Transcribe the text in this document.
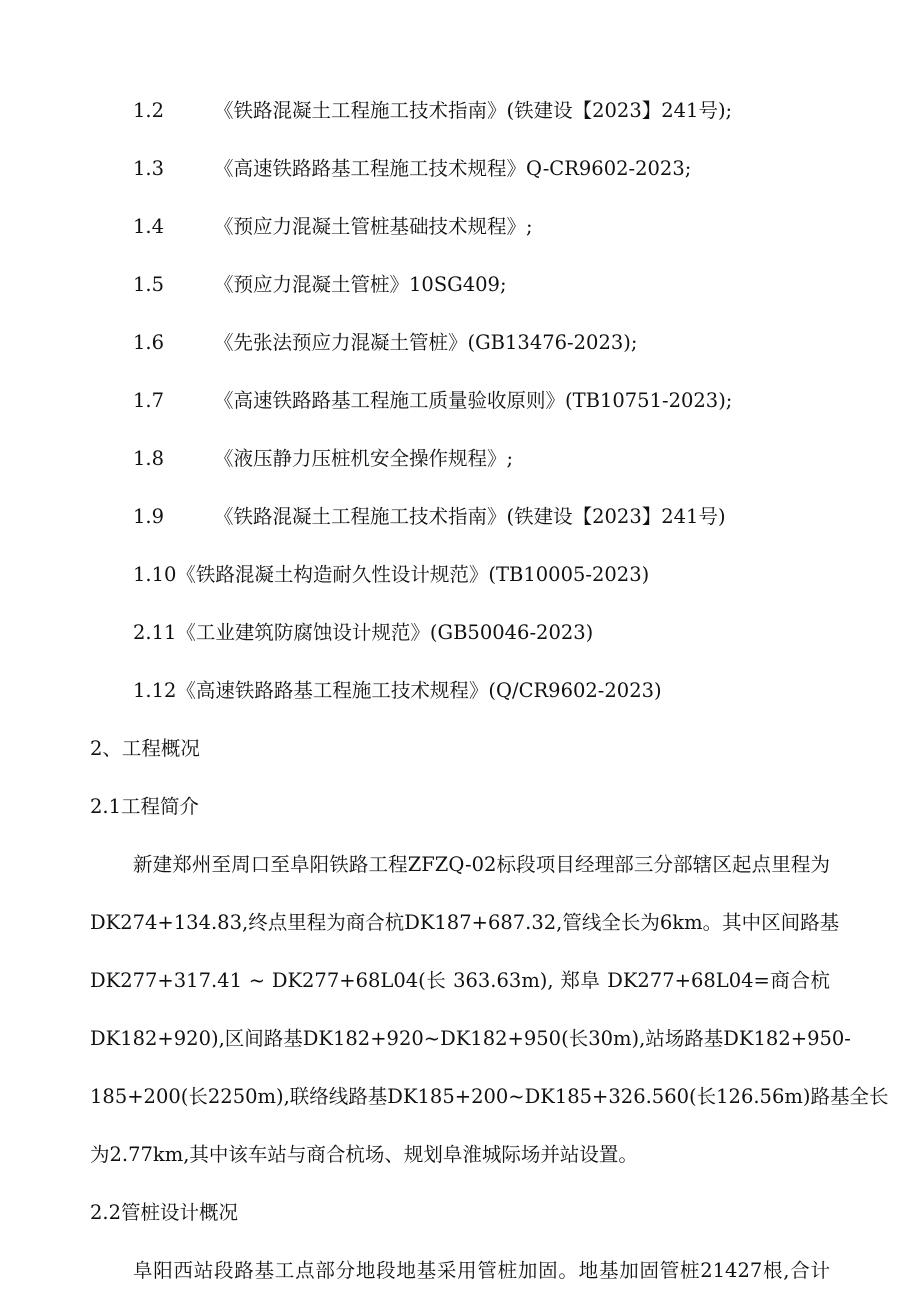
1.2	《铁路混凝土工程施工技术指南》(铁建设【2023】241号);
1.3	《高速铁路路基工程施工技术规程》Q-CR9602-2023;
1.4	《预应力混凝土管桩基础技术规程》;
1.5	《预应力混凝土管桩》10SG409;
1.6	《先张法预应力混凝土管桩》(GB13476-2023);
1.7	《高速铁路路基工程施工质量验收原则》(TB10751-2023);
1.8	《液压静力压桩机安全操作规程》;
1.9	《铁路混凝土工程施工技术指南》(铁建设【2023】241号)
1.10《铁路混凝土构造耐久性设计规范》(TB10005-2023)
2.11《工业建筑防腐蚀设计规范》(GB50046-2023)
1.12《高速铁路路基工程施工技术规程》(Q/CR9602-2023)
2、工程概况
2.1工程简介
新建郑州至周口至阜阳铁路工程ZFZQ-02标段项目经理部三分部辖区起点里程为
DK274+134.83,终点里程为商合杭DK187+687.32,管线全长为6km。其中区间路基
DK277+317.41 ~ DK277+68L04(长 363.63m), 郑阜 DK277+68L04=商合杭
DK182+920),区间路基DK182+920~DK182+950(长30m),站场路基DK182+950-
185+200(长2250m),联络线路基DK185+200~DK185+326.560(长126.56m)路基全长
为2.77km,其中该车站与商合杭场、规划阜淮城际场并站设置。
2.2管桩设计概况
阜阳西站段路基工点部分地段地基采用管桩加固。地基加固管桩21427根,合计
